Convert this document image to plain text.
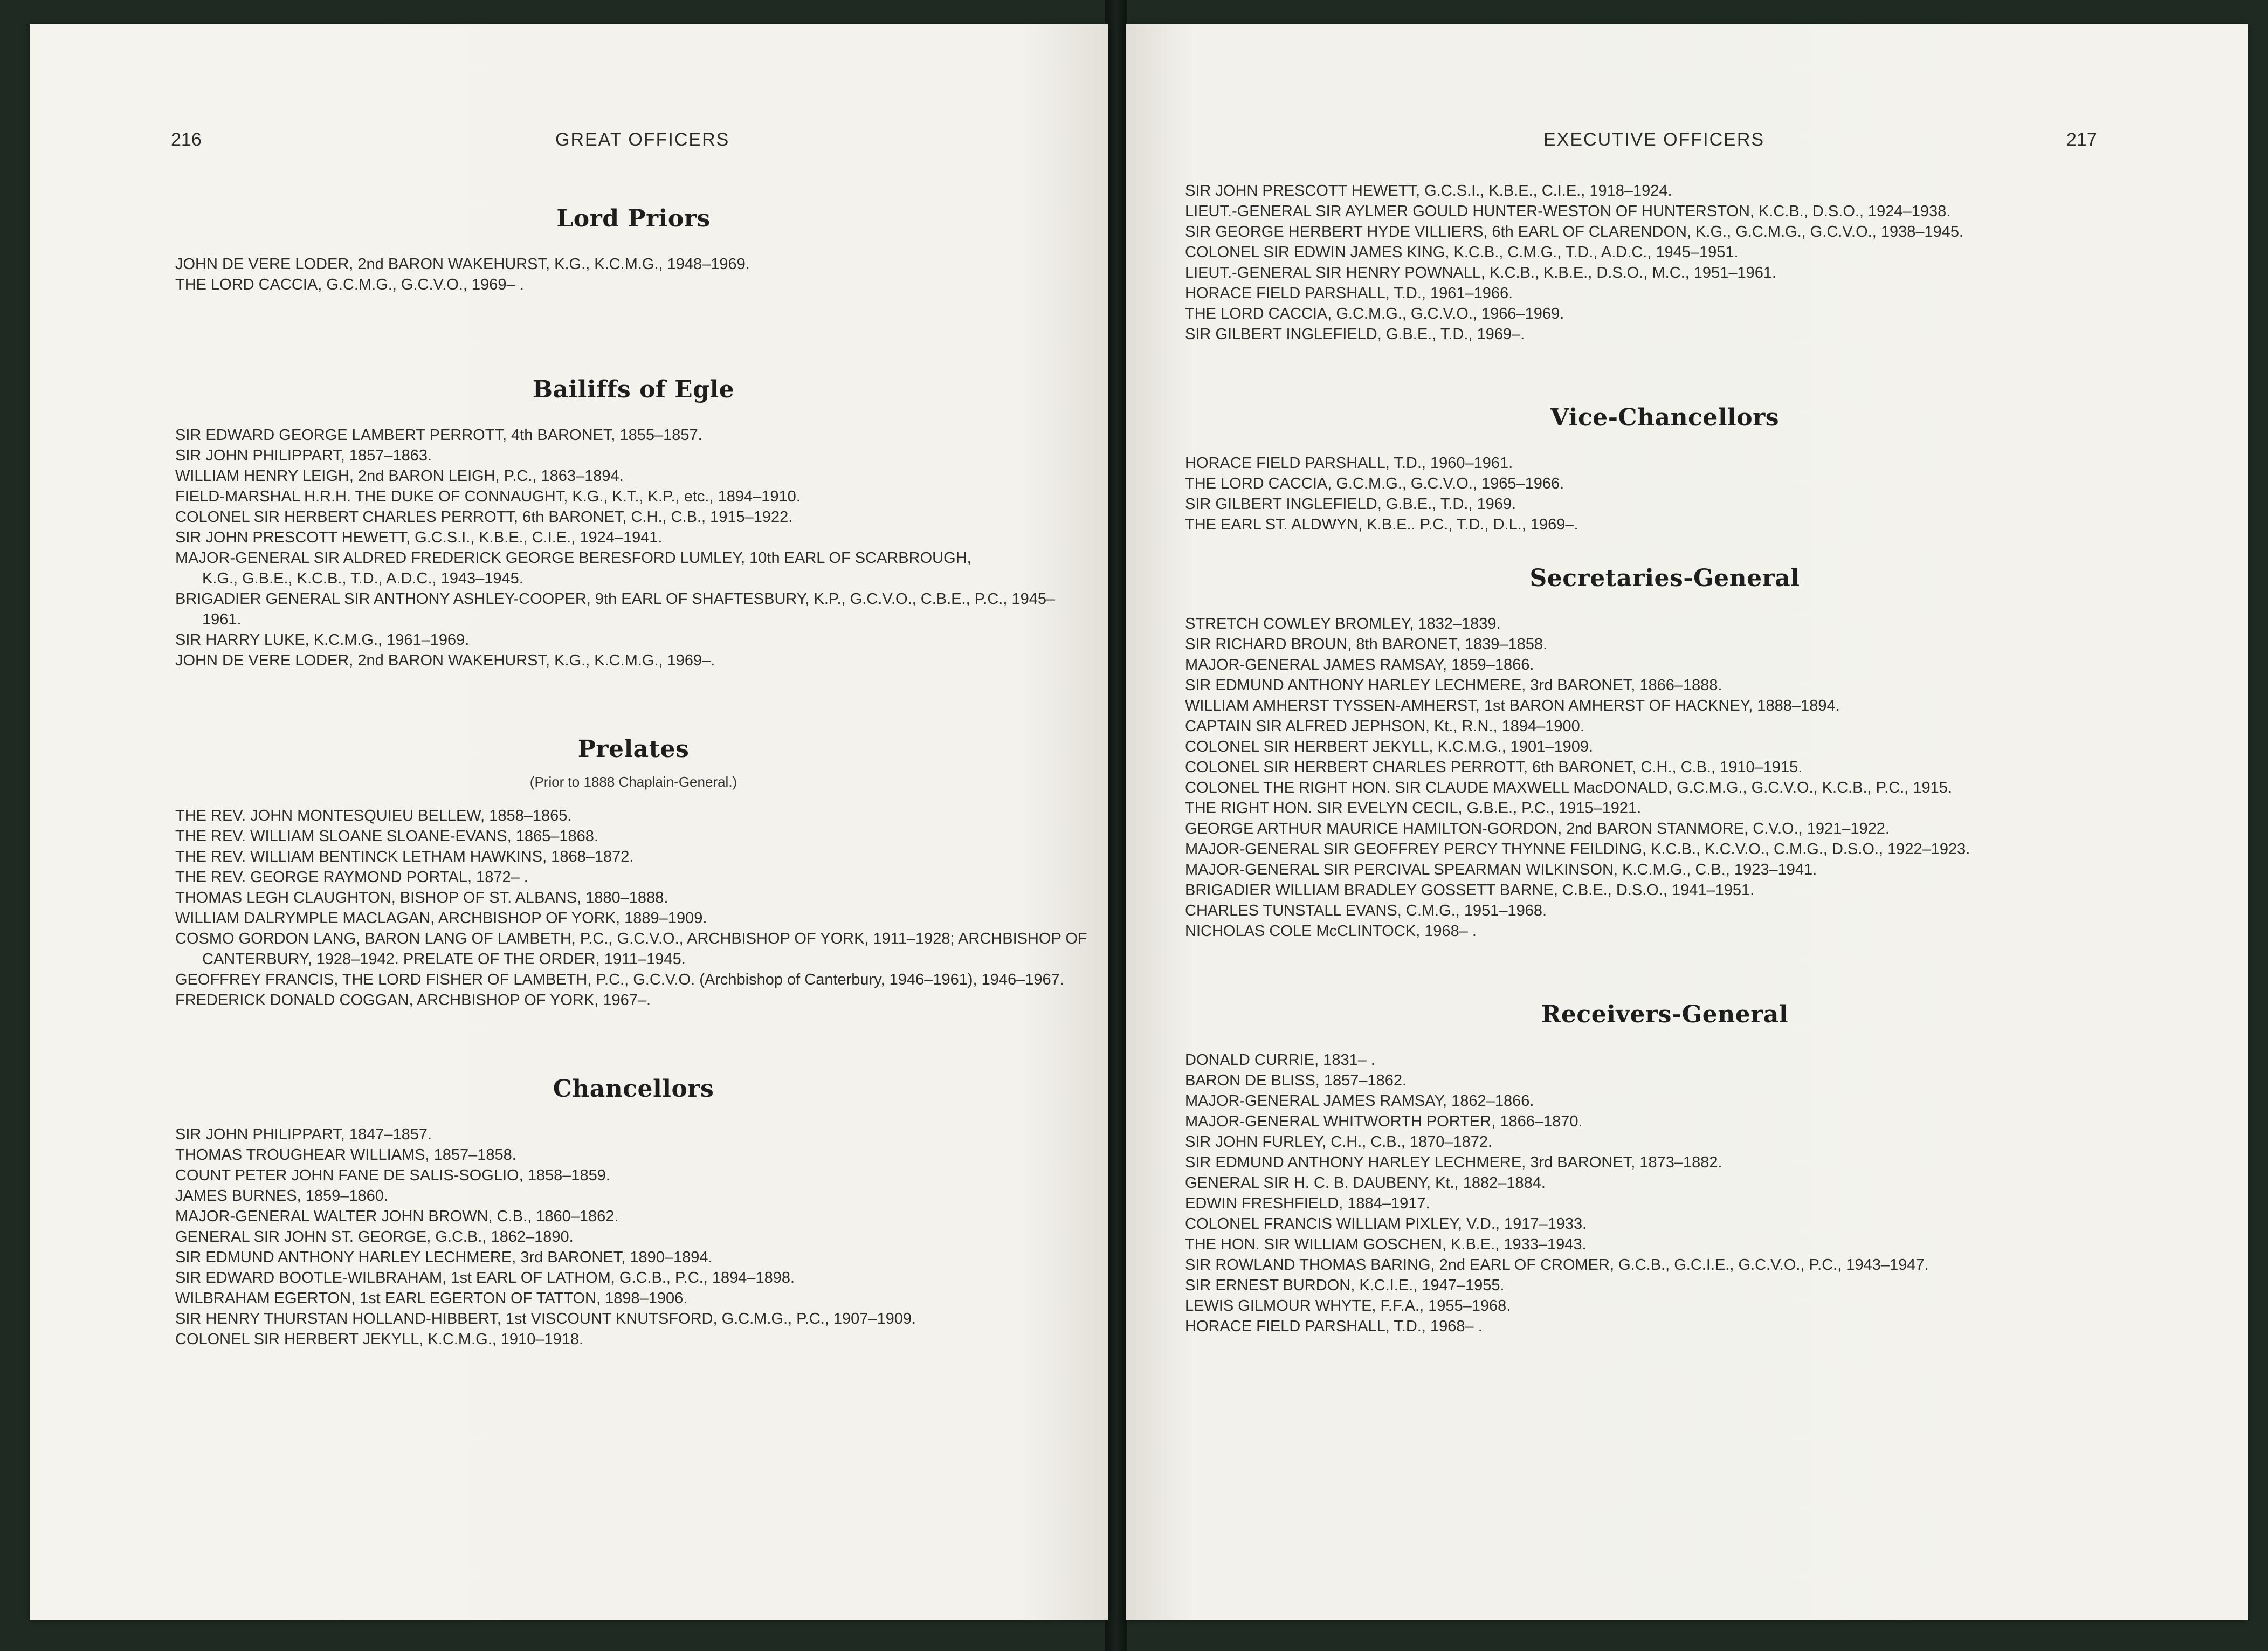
216	GREAT OFFICERS
Lord Priors

JOHN DE VERE LODER, 2nd BARON WAKEHURST, K.G., K.C.M.G., 1948–1969.

THE LORD CACCIA, G.C.M.G., G.C.V.O., 1969– .

Bailiffs of Egle

SIR EDWARD GEORGE LAMBERT PERROTT, 4th BARONET, 1855–1857.

SIR JOHN PHILIPPART, 1857–1863.

WILLIAM HENRY LEIGH, 2nd BARON LEIGH, P.C., 1863–1894.

FIELD-MARSHAL H.R.H. THE DUKE OF CONNAUGHT, K.G., K.T., K.P., etc., 1894–1910.

COLONEL SIR HERBERT CHARLES PERROTT, 6th BARONET, C.H., C.B., 1915–1922.

SIR JOHN PRESCOTT HEWETT, G.C.S.I., K.B.E., C.I.E., 1924–1941.

MAJOR-GENERAL SIR ALDRED FREDERICK GEORGE BERESFORD LUMLEY, 10th EARL OF SCARBROUGH, K.G., G.B.E., K.C.B., T.D., A.D.C., 1943–1945.

BRIGADIER GENERAL SIR ANTHONY ASHLEY-COOPER, 9th EARL OF SHAFTESBURY, K.P., G.C.V.O., C.B.E., P.C., 1945–1961.

SIR HARRY LUKE, K.C.M.G., 1961–1969.

JOHN DE VERE LODER, 2nd BARON WAKEHURST, K.G., K.C.M.G., 1969–.

Prelates
(Prior to 1888 Chaplain-General.)

THE REV. JOHN MONTESQUIEU BELLEW, 1858–1865.

THE REV. WILLIAM SLOANE SLOANE-EVANS, 1865–1868.

THE REV. WILLIAM BENTINCK LETHAM HAWKINS, 1868–1872.

THE REV. GEORGE RAYMOND PORTAL, 1872– .

THOMAS LEGH CLAUGHTON, BISHOP OF ST. ALBANS, 1880–1888.

WILLIAM DALRYMPLE MACLAGAN, ARCHBISHOP OF YORK, 1889–1909.

COSMO GORDON LANG, BARON LANG OF LAMBETH, P.C., G.C.V.O., ARCHBISHOP OF YORK, 1911–1928; ARCHBISHOP OF CANTERBURY, 1928–1942. PRELATE OF THE ORDER, 1911–1945.

GEOFFREY FRANCIS, THE LORD FISHER OF LAMBETH, P.C., G.C.V.O. (Archbishop of Canterbury, 1946–1961), 1946–1967.

FREDERICK DONALD COGGAN, ARCHBISHOP OF YORK, 1967–.

Chancellors

SIR JOHN PHILIPPART, 1847–1857.

THOMAS TROUGHEAR WILLIAMS, 1857–1858.

COUNT PETER JOHN FANE DE SALIS-SOGLIO, 1858–1859.

JAMES BURNES, 1859–1860.

MAJOR-GENERAL WALTER JOHN BROWN, C.B., 1860–1862.

GENERAL SIR JOHN ST. GEORGE, G.C.B., 1862–1890.

SIR EDMUND ANTHONY HARLEY LECHMERE, 3rd BARONET, 1890–1894.

SIR EDWARD BOOTLE-WILBRAHAM, 1st EARL OF LATHOM, G.C.B., P.C., 1894–1898.

WILBRAHAM EGERTON, 1st EARL EGERTON OF TATTON, 1898–1906.

SIR HENRY THURSTAN HOLLAND-HIBBERT, 1st VISCOUNT KNUTSFORD, G.C.M.G., P.C., 1907–1909.

COLONEL SIR HERBERT JEKYLL, K.C.M.G., 1910–1918.

EXECUTIVE OFFICERS	217

SIR JOHN PRESCOTT HEWETT, G.C.S.I., K.B.E., C.I.E., 1918–1924.

LIEUT.-GENERAL SIR AYLMER GOULD HUNTER-WESTON OF HUNTERSTON, K.C.B., D.S.O., 1924–1938.

SIR GEORGE HERBERT HYDE VILLIERS, 6th EARL OF CLARENDON, K.G., G.C.M.G., G.C.V.O., 1938–1945.

COLONEL SIR EDWIN JAMES KING, K.C.B., C.M.G., T.D., A.D.C., 1945–1951.

LIEUT.-GENERAL SIR HENRY POWNALL, K.C.B., K.B.E., D.S.O., M.C., 1951–1961.

HORACE FIELD PARSHALL, T.D., 1961–1966.

THE LORD CACCIA, G.C.M.G., G.C.V.O., 1966–1969.

SIR GILBERT INGLEFIELD, G.B.E., T.D., 1969–.

Vice-Chancellors

HORACE FIELD PARSHALL, T.D., 1960–1961.

THE LORD CACCIA, G.C.M.G., G.C.V.O., 1965–1966.

SIR GILBERT INGLEFIELD, G.B.E., T.D., 1969.

THE EARL ST. ALDWYN, K.B.E.. P.C., T.D., D.L., 1969–.

Secretaries-General

STRETCH COWLEY BROMLEY, 1832–1839.

SIR RICHARD BROUN, 8th BARONET, 1839–1858.

MAJOR-GENERAL JAMES RAMSAY, 1859–1866.

SIR EDMUND ANTHONY HARLEY LECHMERE, 3rd BARONET, 1866–1888.

WILLIAM AMHERST TYSSEN-AMHERST, 1st BARON AMHERST OF HACKNEY, 1888–1894.

CAPTAIN SIR ALFRED JEPHSON, Kt., R.N., 1894–1900.

COLONEL SIR HERBERT JEKYLL, K.C.M.G., 1901–1909.

COLONEL SIR HERBERT CHARLES PERROTT, 6th BARONET, C.H., C.B., 1910–1915.

COLONEL THE RIGHT HON. SIR CLAUDE MAXWELL MacDONALD, G.C.M.G., G.C.V.O., K.C.B., P.C., 1915.

THE RIGHT HON. SIR EVELYN CECIL, G.B.E., P.C., 1915–1921.

GEORGE ARTHUR MAURICE HAMILTON-GORDON, 2nd BARON STANMORE, C.V.O., 1921–1922.

MAJOR-GENERAL SIR GEOFFREY PERCY THYNNE FEILDING, K.C.B., K.C.V.O., C.M.G., D.S.O., 1922–1923.

MAJOR-GENERAL SIR PERCIVAL SPEARMAN WILKINSON, K.C.M.G., C.B., 1923–1941.

BRIGADIER WILLIAM BRADLEY GOSSETT BARNE, C.B.E., D.S.O., 1941–1951.

CHARLES TUNSTALL EVANS, C.M.G., 1951–1968.

NICHOLAS COLE McCLINTOCK, 1968– .

Receivers-General

DONALD CURRIE, 1831– .

BARON DE BLISS, 1857–1862.

MAJOR-GENERAL JAMES RAMSAY, 1862–1866.

MAJOR-GENERAL WHITWORTH PORTER, 1866–1870.

SIR JOHN FURLEY, C.H., C.B., 1870–1872.

SIR EDMUND ANTHONY HARLEY LECHMERE, 3rd BARONET, 1873–1882.

GENERAL SIR H. C. B. DAUBENY, Kt., 1882–1884.

EDWIN FRESHFIELD, 1884–1917.

COLONEL FRANCIS WILLIAM PIXLEY, V.D., 1917–1933.

THE HON. SIR WILLIAM GOSCHEN, K.B.E., 1933–1943.

SIR ROWLAND THOMAS BARING, 2nd EARL OF CROMER, G.C.B., G.C.I.E., G.C.V.O., P.C., 1943–1947.

SIR ERNEST BURDON, K.C.I.E., 1947–1955.

LEWIS GILMOUR WHYTE, F.F.A., 1955–1968.

HORACE FIELD PARSHALL, T.D., 1968– .
